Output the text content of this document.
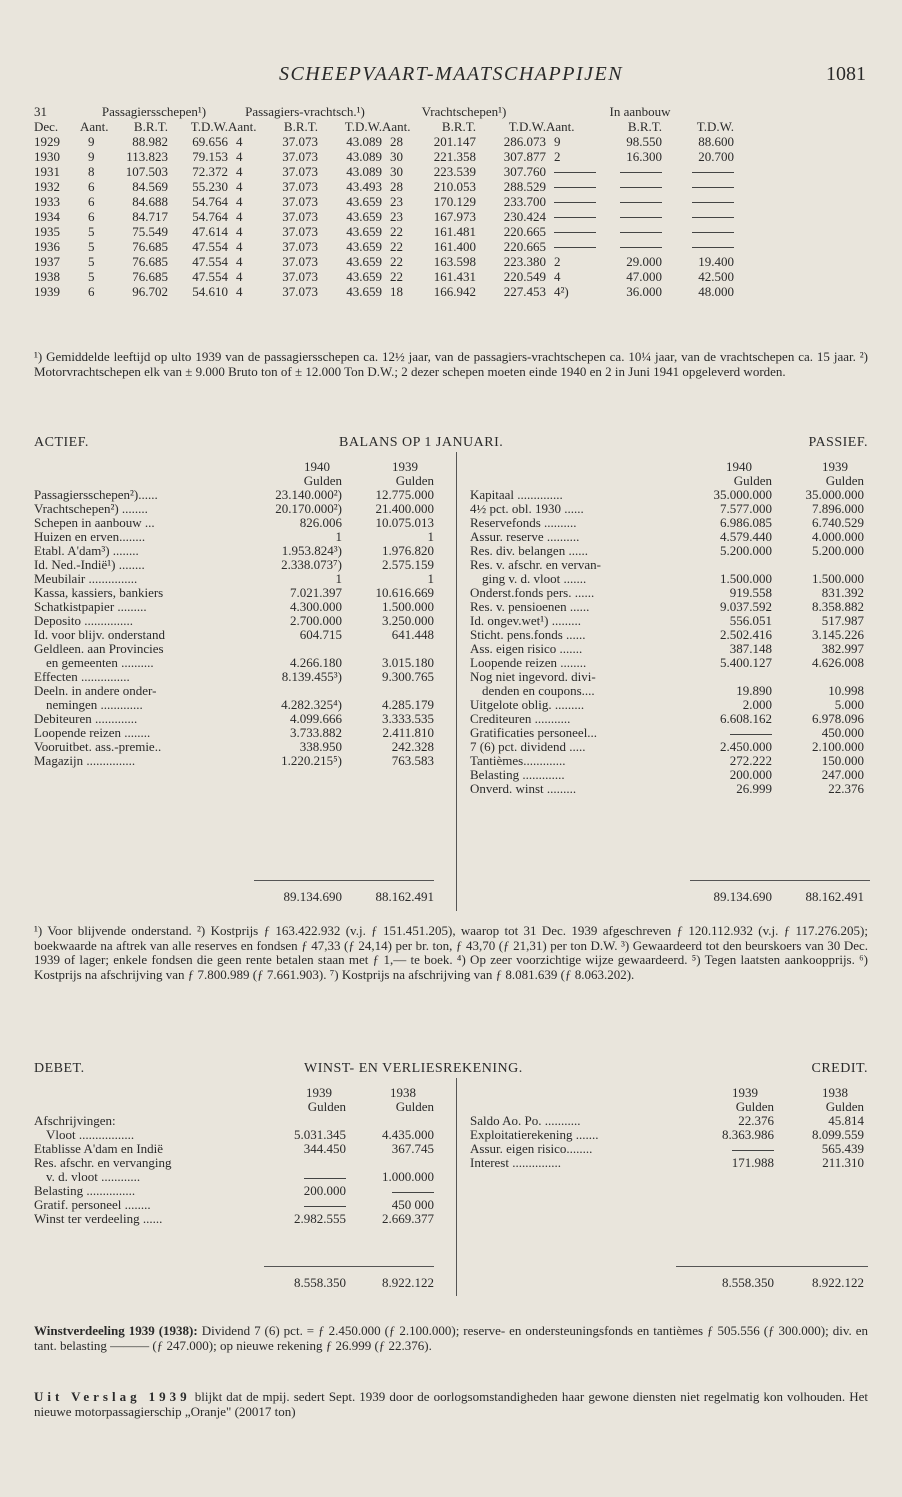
SCHEEPVAART-MAATSCHAPPIJEN	1081
31	Passagiersschepen¹)			Passagiers-vrachtsch.¹)			Vrachtschepen¹)			In aanbouw		
Dec.	Aant.	B.R.T.	T.D.W.	Aant.	B.R.T.	T.D.W.	Aant.	B.R.T.	T.D.W.	Aant.	B.R.T.	T.D.W.
1929	9	88.982	69.656	4	37.073	43.089	28	201.147	286.073	9	98.550	88.600
1930	9	113.823	79.153	4	37.073	43.089	30	221.358	307.877	2	16.300	20.700
1931	8	107.503	72.372	4	37.073	43.089	30	223.539	307.760			
1932	6	84.569	55.230	4	37.073	43.493	28	210.053	288.529			
1933	6	84.688	54.764	4	37.073	43.659	23	170.129	233.700			
1934	6	84.717	54.764	4	37.073	43.659	23	167.973	230.424			
1935	5	75.549	47.614	4	37.073	43.659	22	161.481	220.665			
1936	5	76.685	47.554	4	37.073	43.659	22	161.400	220.665			
1937	5	76.685	47.554	4	37.073	43.659	22	163.598	223.380	2	29.000	19.400
1938	5	76.685	47.554	4	37.073	43.659	22	161.431	220.549	4	47.000	42.500
1939	6	96.702	54.610	4	37.073	43.659	18	166.942	227.453	4²)	36.000	48.000
¹) Gemiddelde leeftijd op ulto 1939 van de passagiersschepen ca. 12½ jaar, van de passagiers-vrachtschepen ca. 10¼ jaar, van de vrachtschepen ca. 15 jaar. ²) Motorvrachtschepen elk van ± 9.000 Bruto ton of ± 12.000 Ton D.W.; 2 dezer schepen moeten einde 1940 en 2 in Juni 1941 opgeleverd worden.
ACTIEF.	BALANS OP 1 JANUARI.	PASSIEF.
	1940	1939
	Gulden	Gulden
Passagiersschepen²)......	23.140.000²)	12.775.000
Vrachtschepen²) ........	20.170.000²)	21.400.000
Schepen in aanbouw ...	826.006	10.075.013
Huizen en erven........	1	1
Etabl. A'dam³) ........	1.953.824³)	1.976.820
Id. Ned.-Indië¹) ........	2.338.073⁷)	2.575.159
Meubilair ...............	1	1
Kassa, kassiers, bankiers	7.021.397	10.616.669
Schatkistpapier .........	4.300.000	1.500.000
Deposito ...............	2.700.000	3.250.000
Id. voor blijv. onderstand	604.715	641.448
Geldleen. aan Provincies		
en gemeenten ..........	4.266.180	3.015.180
Effecten ...............	8.139.455³)	9.300.765
Deeln. in andere onder-		
nemingen .............	4.282.325⁴)	4.285.179
Debiteuren .............	4.099.666	3.333.535
Loopende reizen ........	3.733.882	2.411.810
Vooruitbet. ass.-premie..	338.950	242.328
Magazijn ...............	1.220.215⁵)	763.583
	1940	1939
	Gulden	Gulden
Kapitaal ..............	35.000.000	35.000.000
4½ pct. obl. 1930 ......	7.577.000	7.896.000
Reservefonds ..........	6.986.085	6.740.529
Assur. reserve ..........	4.579.440	4.000.000
Res. div. belangen ......	5.200.000	5.200.000
Res. v. afschr. en vervan-		
ging v. d. vloot .......	1.500.000	1.500.000
Onderst.fonds pers. ......	919.558	831.392
Res. v. pensioenen ......	9.037.592	8.358.882
Id. ongev.wet¹) .........	556.051	517.987
Sticht. pens.fonds ......	2.502.416	3.145.226
Ass. eigen risico .......	387.148	382.997
Loopende reizen ........	5.400.127	4.626.008
Nog niet ingevord. divi-		
denden en coupons....	19.890	10.998
Uitgelote oblig. .........	2.000	5.000
Crediteuren ...........	6.608.162	6.978.096
Gratificaties personeel...		450.000
7 (6) pct. dividend .....	2.450.000	2.100.000
Tantièmes.............	272.222	150.000
Belasting .............	200.000	247.000
Onverd. winst .........	26.999	22.376
89.134.690	88.162.491	89.134.690	88.162.491
¹) Voor blijvende onderstand. ²) Kostprijs ƒ 163.422.932 (v.j. ƒ 151.451.205), waarop tot 31 Dec. 1939 afgeschreven ƒ 120.112.932 (v.j. ƒ 117.276.205); boekwaarde na aftrek van alle reserves en fondsen ƒ 47,33 (ƒ 24,14) per br. ton, ƒ 43,70 (ƒ 21,31) per ton D.W. ³) Gewaardeerd tot den beurskoers van 30 Dec. 1939 of lager; enkele fondsen die geen rente betalen staan met ƒ 1,— te boek. ⁴) Op zeer voorzichtige wijze gewaardeerd. ⁵) Tegen laatsten aankoopprijs. ⁶) Kostprijs na afschrijving van ƒ 7.800.989 (ƒ 7.661.903). ⁷) Kostprijs na afschrijving van ƒ 8.081.639 (ƒ 8.063.202).
DEBET.	WINST- EN VERLIESREKENING.	CREDIT.
	1939	1938
	Gulden	Gulden
Afschrijvingen:		
Vloot .................	5.031.345	4.435.000
Etablisse A'dam en Indië	344.450	367.745
Res. afschr. en vervanging		
v. d. vloot ............		1.000.000
Belasting ...............	200.000	
Gratif. personeel ........		450 000
Winst ter verdeeling ......	2.982.555	2.669.377
	1939	1938
	Gulden	Gulden
Saldo Ao. Po. ...........	22.376	45.814
Exploitatierekening .......	8.363.986	8.099.559
Assur. eigen risico........		565.439
Interest ...............	171.988	211.310
8.558.350	8.922.122	8.558.350	8.922.122
Winstverdeeling 1939 (1938): Dividend 7 (6) pct. = ƒ 2.450.000 (ƒ 2.100.000); reserve- en ondersteuningsfonds en tantièmes ƒ 505.556 (ƒ 300.000); div. en tant. belasting ——— (ƒ 247.000); op nieuwe rekening ƒ 26.999 (ƒ 22.376).
Uit Verslag 1939 blijkt dat de mpij. sedert Sept. 1939 door de oorlogsomstandigheden haar gewone diensten niet regelmatig kon volhouden. Het nieuwe motorpassagierschip „Oranje" (20017 ton)
